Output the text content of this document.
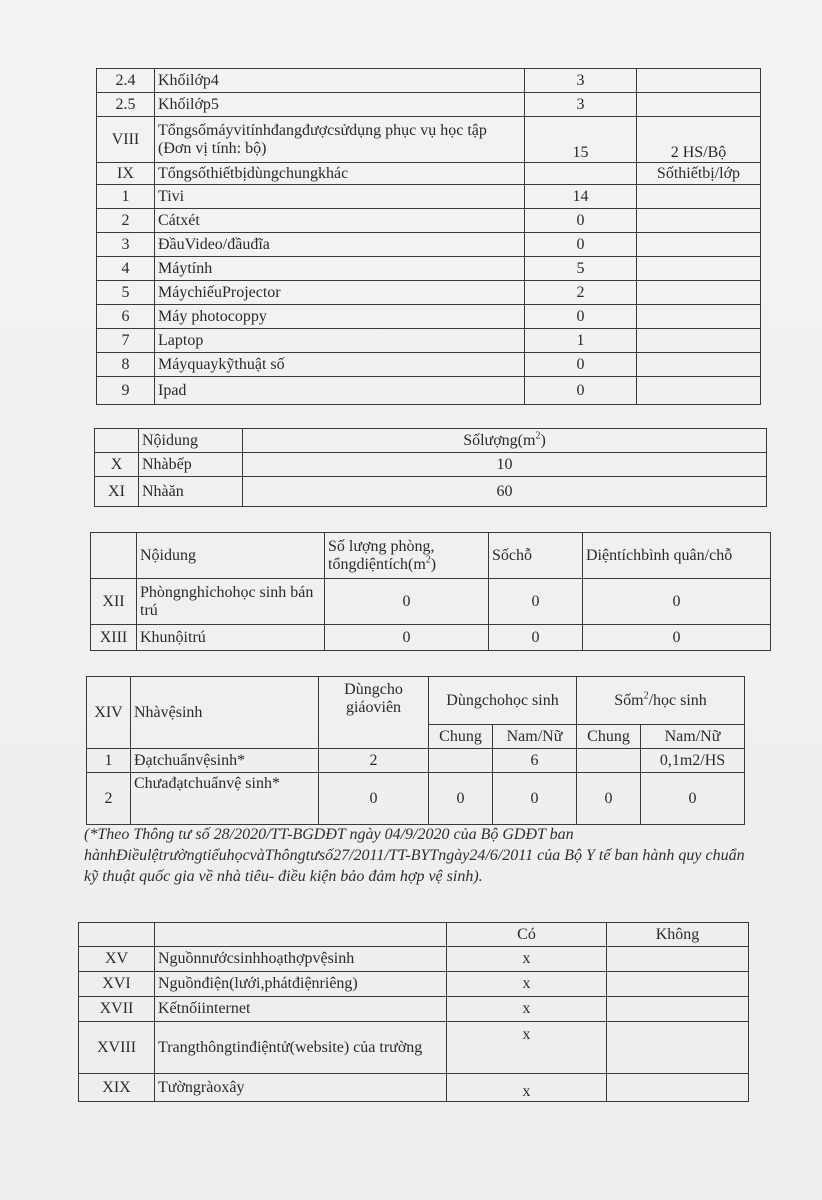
2.4	Khốilớp4	3	
2.5	Khốilớp5	3	
VIII	Tổngsốmáyvitínhđangđượcsửdụng phục vụ học tập (Đơn vị tính: bộ)	15	2 HS/Bộ
IX	Tổngsốthiếtbịdùngchungkhác		Sốthiếtbị/lớp
1	Tivi	14	
2	Cátxét	0	
3	ĐầuVideo/đầuđĩa	0	
4	Máytính	5	
5	MáychiếuProjector	2	
6	Máy photocoppy	0	
7	Laptop	1	
8	Máyquaykỹthuật số	0	
9	Ipad	0	
	Nộidung	$Sốlượng(m^2)$
X	Nhàbếp	10
XI	Nhàăn	60
	Nộidung	Số lượng phòng, $tổngdiệntích(m^2)$	Sốchỗ	Diệntíchbình quân/chỗ
XII	Phòngnghỉchohọc sinh bán trú	0	0	0
XIII	Khunộitrú	0	0	0
XIV	Nhàvệsinh	Dùngcho giáoviên	Dùngchohọc sinh		Sốm$^2$/học sinh	
			Chung	Nam/Nữ	Chung	Nam/Nữ
1	Đạtchuẩnvệsinh*	2		6		0,1m2/HS
2	Chưađạtchuẩnvệ sinh*	0	0	0	0	0
(*Theo Thông tư số 28/2020/TT-BGDĐT ngày 04/9/2020 của Bộ GDĐT ban hànhĐiềulệtrườngtiểuhọcvàThôngtưsố27/2011/TT-BYTngày24/6/2011 của Bộ Y tế ban hành quy chuẩn kỹ thuật quốc gia về nhà tiêu- điều kiện bảo đảm hợp vệ sinh).
		Có	Không
XV	Nguồnnướcsinhhoạthợpvệsinh	x	
XVI	Nguồnđiện(lưới,phátđiệnriêng)	x	
XVII	Kếtnốiinternet	x	
XVIII	Trangthôngtinđiệntử(website) của trường	x	
XIX	Tườngràoxây	x	
